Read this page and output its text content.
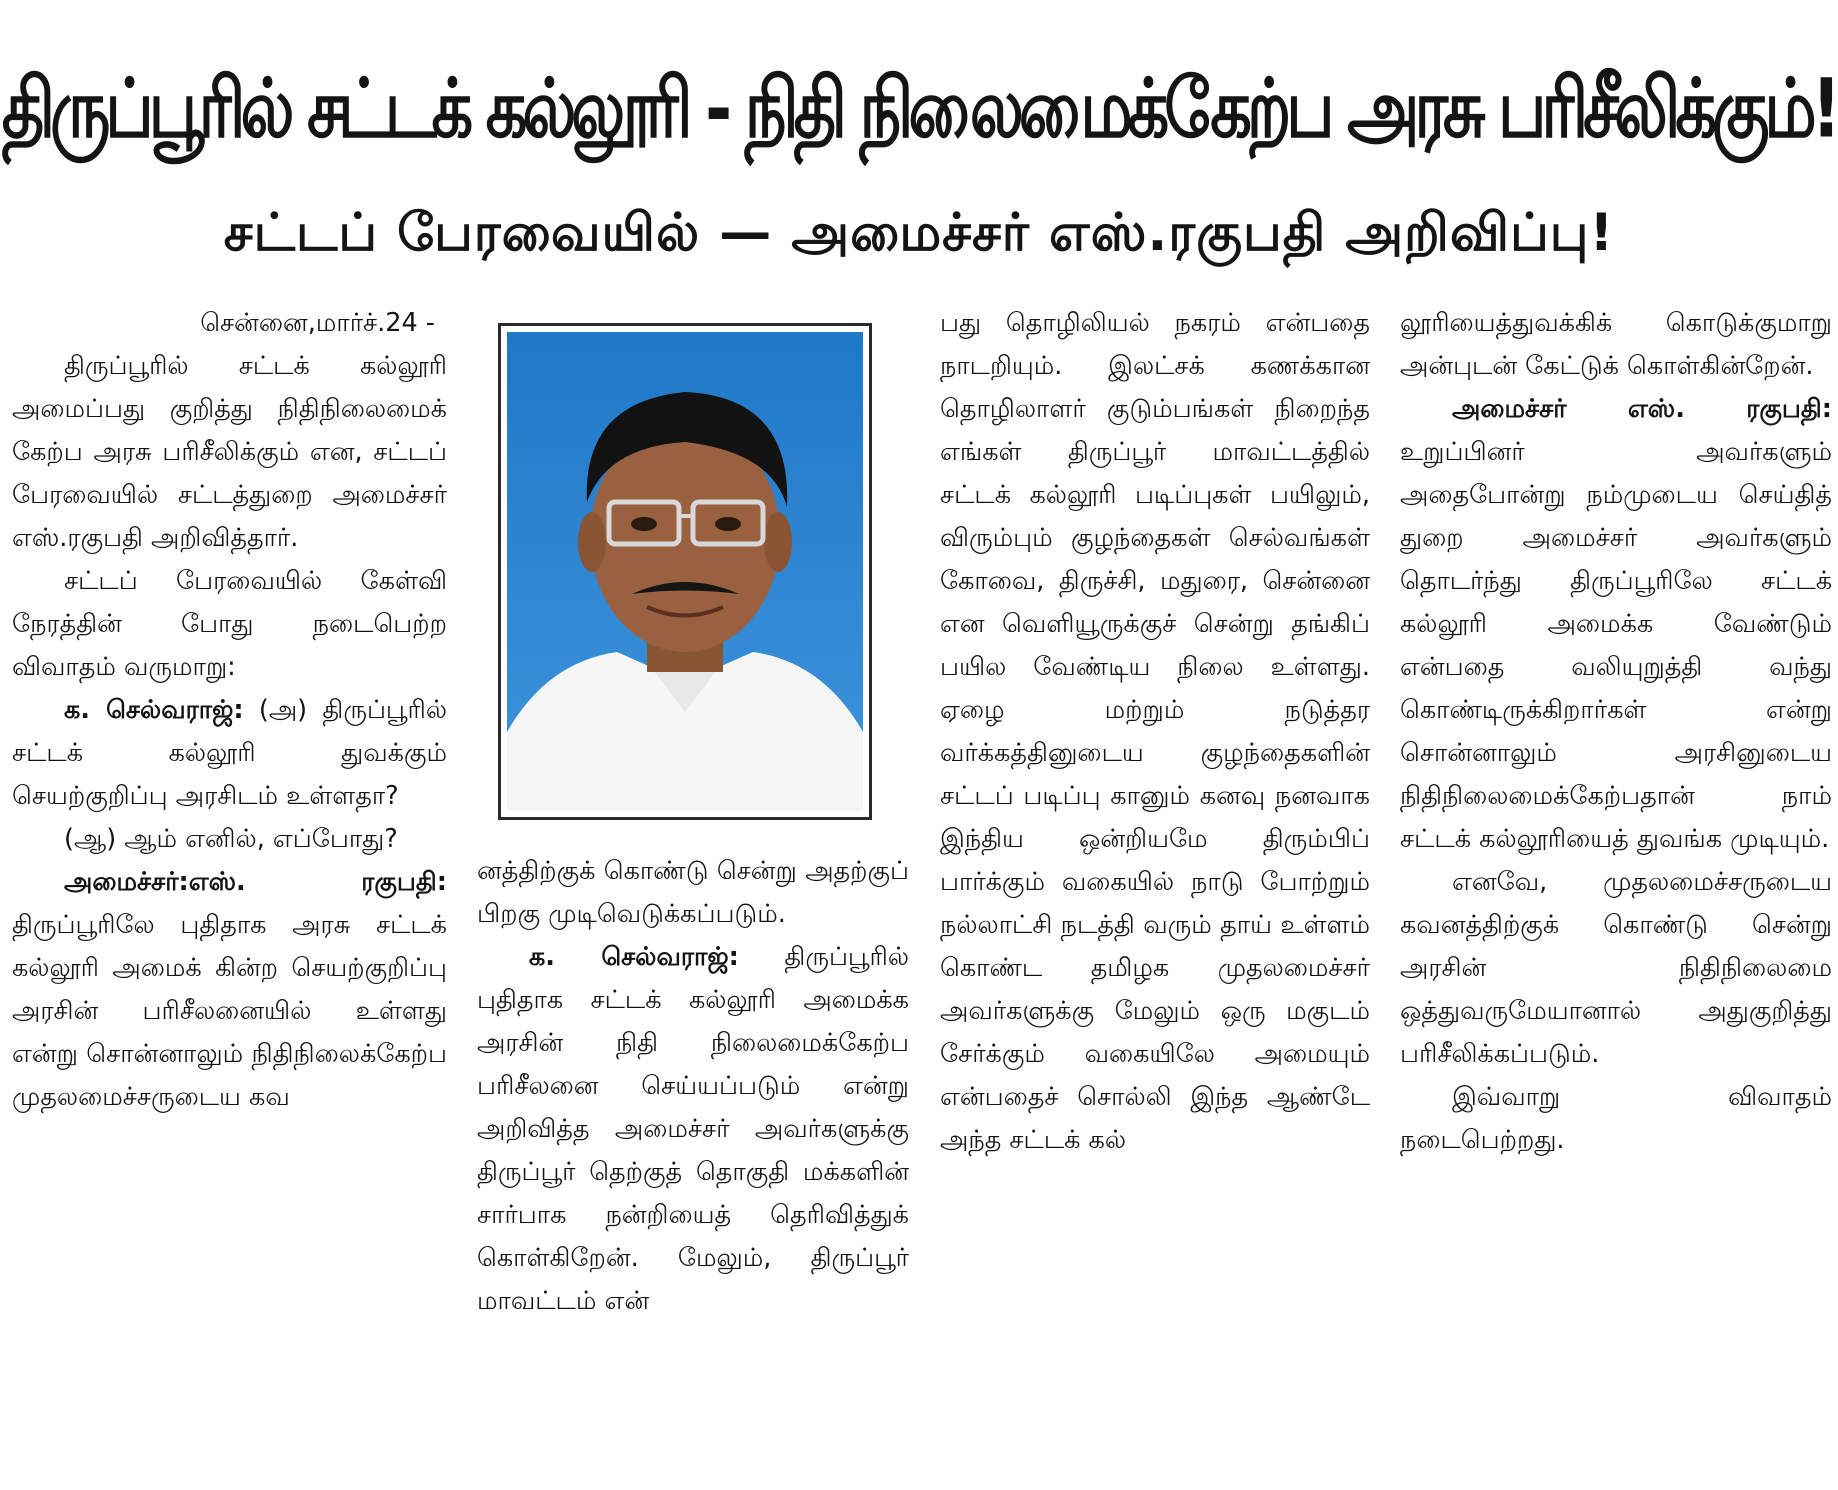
திருப்பூரில் சட்டக் கல்லூரி - நிதி நிலைமைக்கேற்ப அரசு பரிசீலிக்கும்!
சட்டப் பேரவையில் — அமைச்சர் எஸ்.ரகுபதி அறிவிப்பு!

சென்னை,மார்ச்.24 -

திருப்பூரில் சட்டக் கல்லூரி அமைப்பது குறித்து நிதிநிலைமைக் கேற்ப அரசு பரிசீலிக்கும் என, சட்டப் பேரவையில் சட்டத்துறை அமைச்சர் எஸ்.ரகுபதி அறிவித்தார்.

சட்டப் பேரவையில் கேள்வி நேரத்தின் போது நடைபெற்ற விவாதம் வருமாறு:

க. செல்வராஜ்: (அ) திருப்பூரில் சட்டக் கல்லூரி துவக்கும் செயற்குறிப்பு அரசிடம் உள்ளதா?

(ஆ) ஆம் எனில், எப்போது?

அமைச்சர்:எஸ். ரகுபதி: திருப்பூரிலே புதிதாக அரசு சட்டக் கல்லூரி அமைக் கின்ற செயற்குறிப்பு அரசின் பரிசீலனையில் உள்ளது என்று சொன்னாலும் நிதிநிலைக்கேற்ப முதலமைச்சருடைய கவ

னத்திற்குக் கொண்டு சென்று அதற்குப் பிறகு முடிவெடுக்கப்படும்.

க. செல்வராஜ்: திருப்பூரில் புதிதாக சட்டக் கல்லூரி அமைக்க அரசின் நிதி நிலைமைக்கேற்ப பரிசீலனை செய்யப்படும் என்று அறிவித்த அமைச்சர் அவர்களுக்கு திருப்பூர் தெற்குத் தொகுதி மக்களின் சார்பாக நன்றியைத் தெரிவித்துக் கொள்கிறேன். மேலும், திருப்பூர் மாவட்டம் என்

பது தொழிலியல் நகரம் என்பதை நாடறியும். இலட்சக் கணக்கான தொழிலாளர் குடும்பங்கள் நிறைந்த எங்கள் திருப்பூர் மாவட்டத்தில் சட்டக் கல்லூரி படிப்புகள் பயிலும், விரும்பும் குழந்தைகள் செல்வங்கள் கோவை, திருச்சி, மதுரை, சென்னை என வெளியூருக்குச் சென்று தங்கிப் பயில வேண்டிய நிலை உள்ளது. ஏழை மற்றும் நடுத்தர வர்க்கத்தினுடைய குழந்தைகளின் சட்டப் படிப்பு கானும் கனவு நனவாக இந்திய ஒன்றியமே திரும்பிப் பார்க்கும் வகையில் நாடு போற்றும் நல்லாட்சி நடத்தி வரும் தாய் உள்ளம் கொண்ட தமிழக முதலமைச்சர் அவர்களுக்கு மேலும் ஒரு மகுடம் சேர்க்கும் வகையிலே அமையும் என்பதைச் சொல்லி இந்த ஆண்டே அந்த சட்டக் கல்

லூரியைத்துவக்கிக் கொடுக்குமாறு அன்புடன் கேட்டுக் கொள்கின்றேன்.

அமைச்சர் எஸ். ரகுபதி: உறுப்பினர் அவர்களும் அதைபோன்று நம்முடைய செய்தித் துறை அமைச்சர் அவர்களும் தொடர்ந்து திருப்பூரிலே சட்டக் கல்லூரி அமைக்க வேண்டும் என்பதை வலியுறுத்தி வந்து கொண்டிருக்கிறார்கள் என்று சொன்னாலும் அரசினுடைய நிதிநிலைமைக்கேற்பதான் நாம் சட்டக் கல்லூரியைத் துவங்க முடியும்.

எனவே, முதலமைச்சருடைய கவனத்திற்குக் கொண்டு சென்று அரசின் நிதிநிலைமை ஒத்துவருமேயானால் அதுகுறித்து பரிசீலிக்கப்படும்.

இவ்வாறு விவாதம் நடைபெற்றது.
